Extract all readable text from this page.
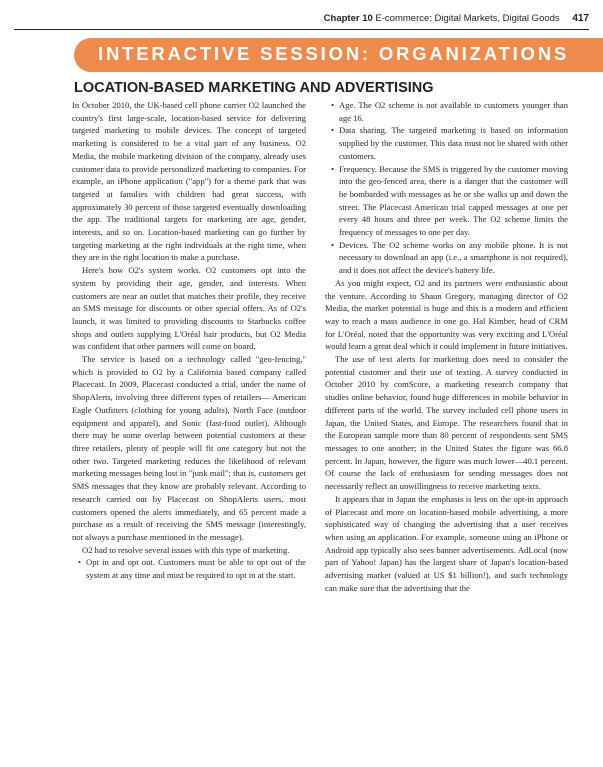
Chapter 10 E-commerce: Digital Markets, Digital Goods 417
INTERACTIVE SESSION: ORGANIZATIONS
LOCATION-BASED MARKETING AND ADVERTISING

In October 2010, the UK-based cell phone carrier O2 launched the country's first large-scale, location-based service for delivering targeted marketing to mobile devices. The concept of targeted marketing is considered to be a vital part of any business. O2 Media, the mobile marketing division of the company, already uses customer data to provide personalized marketing to companies. For example, an iPhone application ("app") for a theme park that was targeted at families with children had great success, with approximately 30 percent of those targeted eventually downloading the app. The traditional targets for marketing are age, gender, interests, and so on. Location-based marketing can go further by targeting marketing at the right individuals at the right time, when they are in the right location to make a purchase.

Here's how O2's system works. O2 customers opt into the system by providing their age, gender, and interests. When customers are near an outlet that matches their profile, they receive an SMS message for discounts or other special offers. As of O2's launch, it was limited to providing discounts to Starbucks coffee shops and outlets supplying L'Oréal hair products, but O2 Media was confident that other partners will come on board.

The service is based on a technology called "geo-fencing," which is provided to O2 by a California based company called Placecast. In 2009, Placecast conducted a trial, under the name of ShopAlerts, involving three different types of retailers— American Eagle Outfitters (clothing for young adults), North Face (outdoor equipment and apparel), and Sonic (fast-food outlet). Although there may be some overlap between potential customers at these three retailers, plenty of people will fit one category but not the other two. Targeted marketing reduces the likelihood of relevant marketing messages being lost in "junk mail"; that is, customers get SMS messages that they know are probably relevant. According to research carried out by Placecast on ShopAlerts users, most customers opened the alerts immediately, and 65 percent made a purchase as a result of receiving the SMS message (interestingly, not always a purchase mentioned in the message).

O2 had to resolve several issues with this type of marketing.

• Opt in and opt out. Customers must be able to opt out of the system at any time and must be required to opt in at the start.
• Age. The O2 scheme is not available to customers younger than age 16.
• Data sharing. The targeted marketing is based on information supplied by the customer. This data must not be shared with other customers.
• Frequency. Because the SMS is triggered by the customer moving into the geo-fenced area, there is a danger that the customer will be bombarded with messages as he or she walks up and down the street. The Placecast American trial capped messages at one per every 48 hours and three per week. The O2 scheme limits the frequency of messages to one per day.
• Devices. The O2 scheme works on any mobile phone. It is not necessary to download an app (i.e., a smartphone is not required), and it does not affect the device's battery life.

As you might expect, O2 and its partners were enthusiastic about the venture. According to Shaun Gregory, managing director of O2 Media, the market potential is huge and this is a modern and efficient way to reach a mass audience in one go. Hal Kimber, head of CRM for L'Oréal, noted that the opportunity was very exciting and L'Oréal would learn a great deal which it could implement in future initiatives.

The use of text alerts for marketing does need to consider the potential customer and their use of texting. A survey conducted in October 2010 by comScore, a marketing research company that studies online behavior, found huge differences in mobile behavior in different parts of the world. The survey included cell phone users in Japan, the United States, and Europe. The researchers found that in the European sample more than 80 percent of respondents sent SMS messages to one another; in the United States the figure was 66.8 percent. In Japan, however, the figure was much lower—40.1 percent. Of course the lack of enthusiasm for sending messages does not necessarily reflect an unwillingness to receive marketing texts.

It appears that in Japan the emphasis is less on the opt-in approach of Placecast and more on location-based mobile advertising, a more sophisticated way of changing the advertising that a user receives when using an application. For example, someone using an iPhone or Android app typically also sees banner advertisements. AdLocal (now part of Yahoo! Japan) has the largest share of Japan's location-based advertising market (valued at US $1 billion!), and such technology can make sure that the advertising that the
